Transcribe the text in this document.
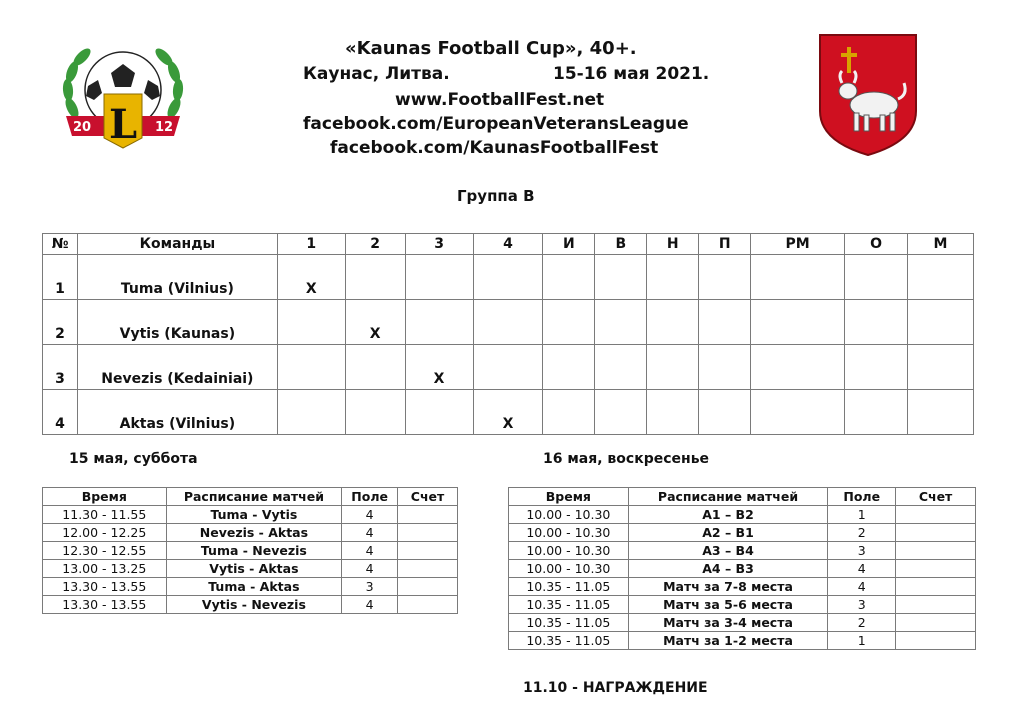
L
20	12
«Kaunas Football Cup», 40+.
Каунас, Литва.	15-16 мая 2021.
www.FootballFest.net
facebook.com/EuropeanVeteransLeague
facebook.com/KaunasFootballFest
Группа B
№	Команды	1	2	3	4	И	В	Н	П	РМ	О	М
1	Tuma (Vilnius)	X										
2	Vytis (Kaunas)		X									
3	Nevezis (Kedainiai)			X								
4	Aktas (Vilnius)				X							
15 мая, суббота	16 мая, воскресенье
Время	Расписание матчей	Поле	Счет
11.30 - 11.55	Tuma - Vytis	4	
12.00 - 12.25	Nevezis - Aktas	4	
12.30 - 12.55	Tuma - Nevezis	4	
13.00 - 13.25	Vytis - Aktas	4	
13.30 - 13.55	Tuma - Aktas	3	
13.30 - 13.55	Vytis - Nevezis	4	
Время	Расписание матчей	Поле	Счет
10.00 - 10.30	A1 – B2	1	
10.00 - 10.30	A2 – B1	2	
10.00 - 10.30	A3 – B4	3	
10.00 - 10.30	A4 – B3	4	
10.35 - 11.05	Матч за 7-8 места	4	
10.35 - 11.05	Матч за 5-6 места	3	
10.35 - 11.05	Матч за 3-4 места	2	
10.35 - 11.05	Матч за 1-2 места	1	
11.10 - НАГРАЖДЕНИЕ
